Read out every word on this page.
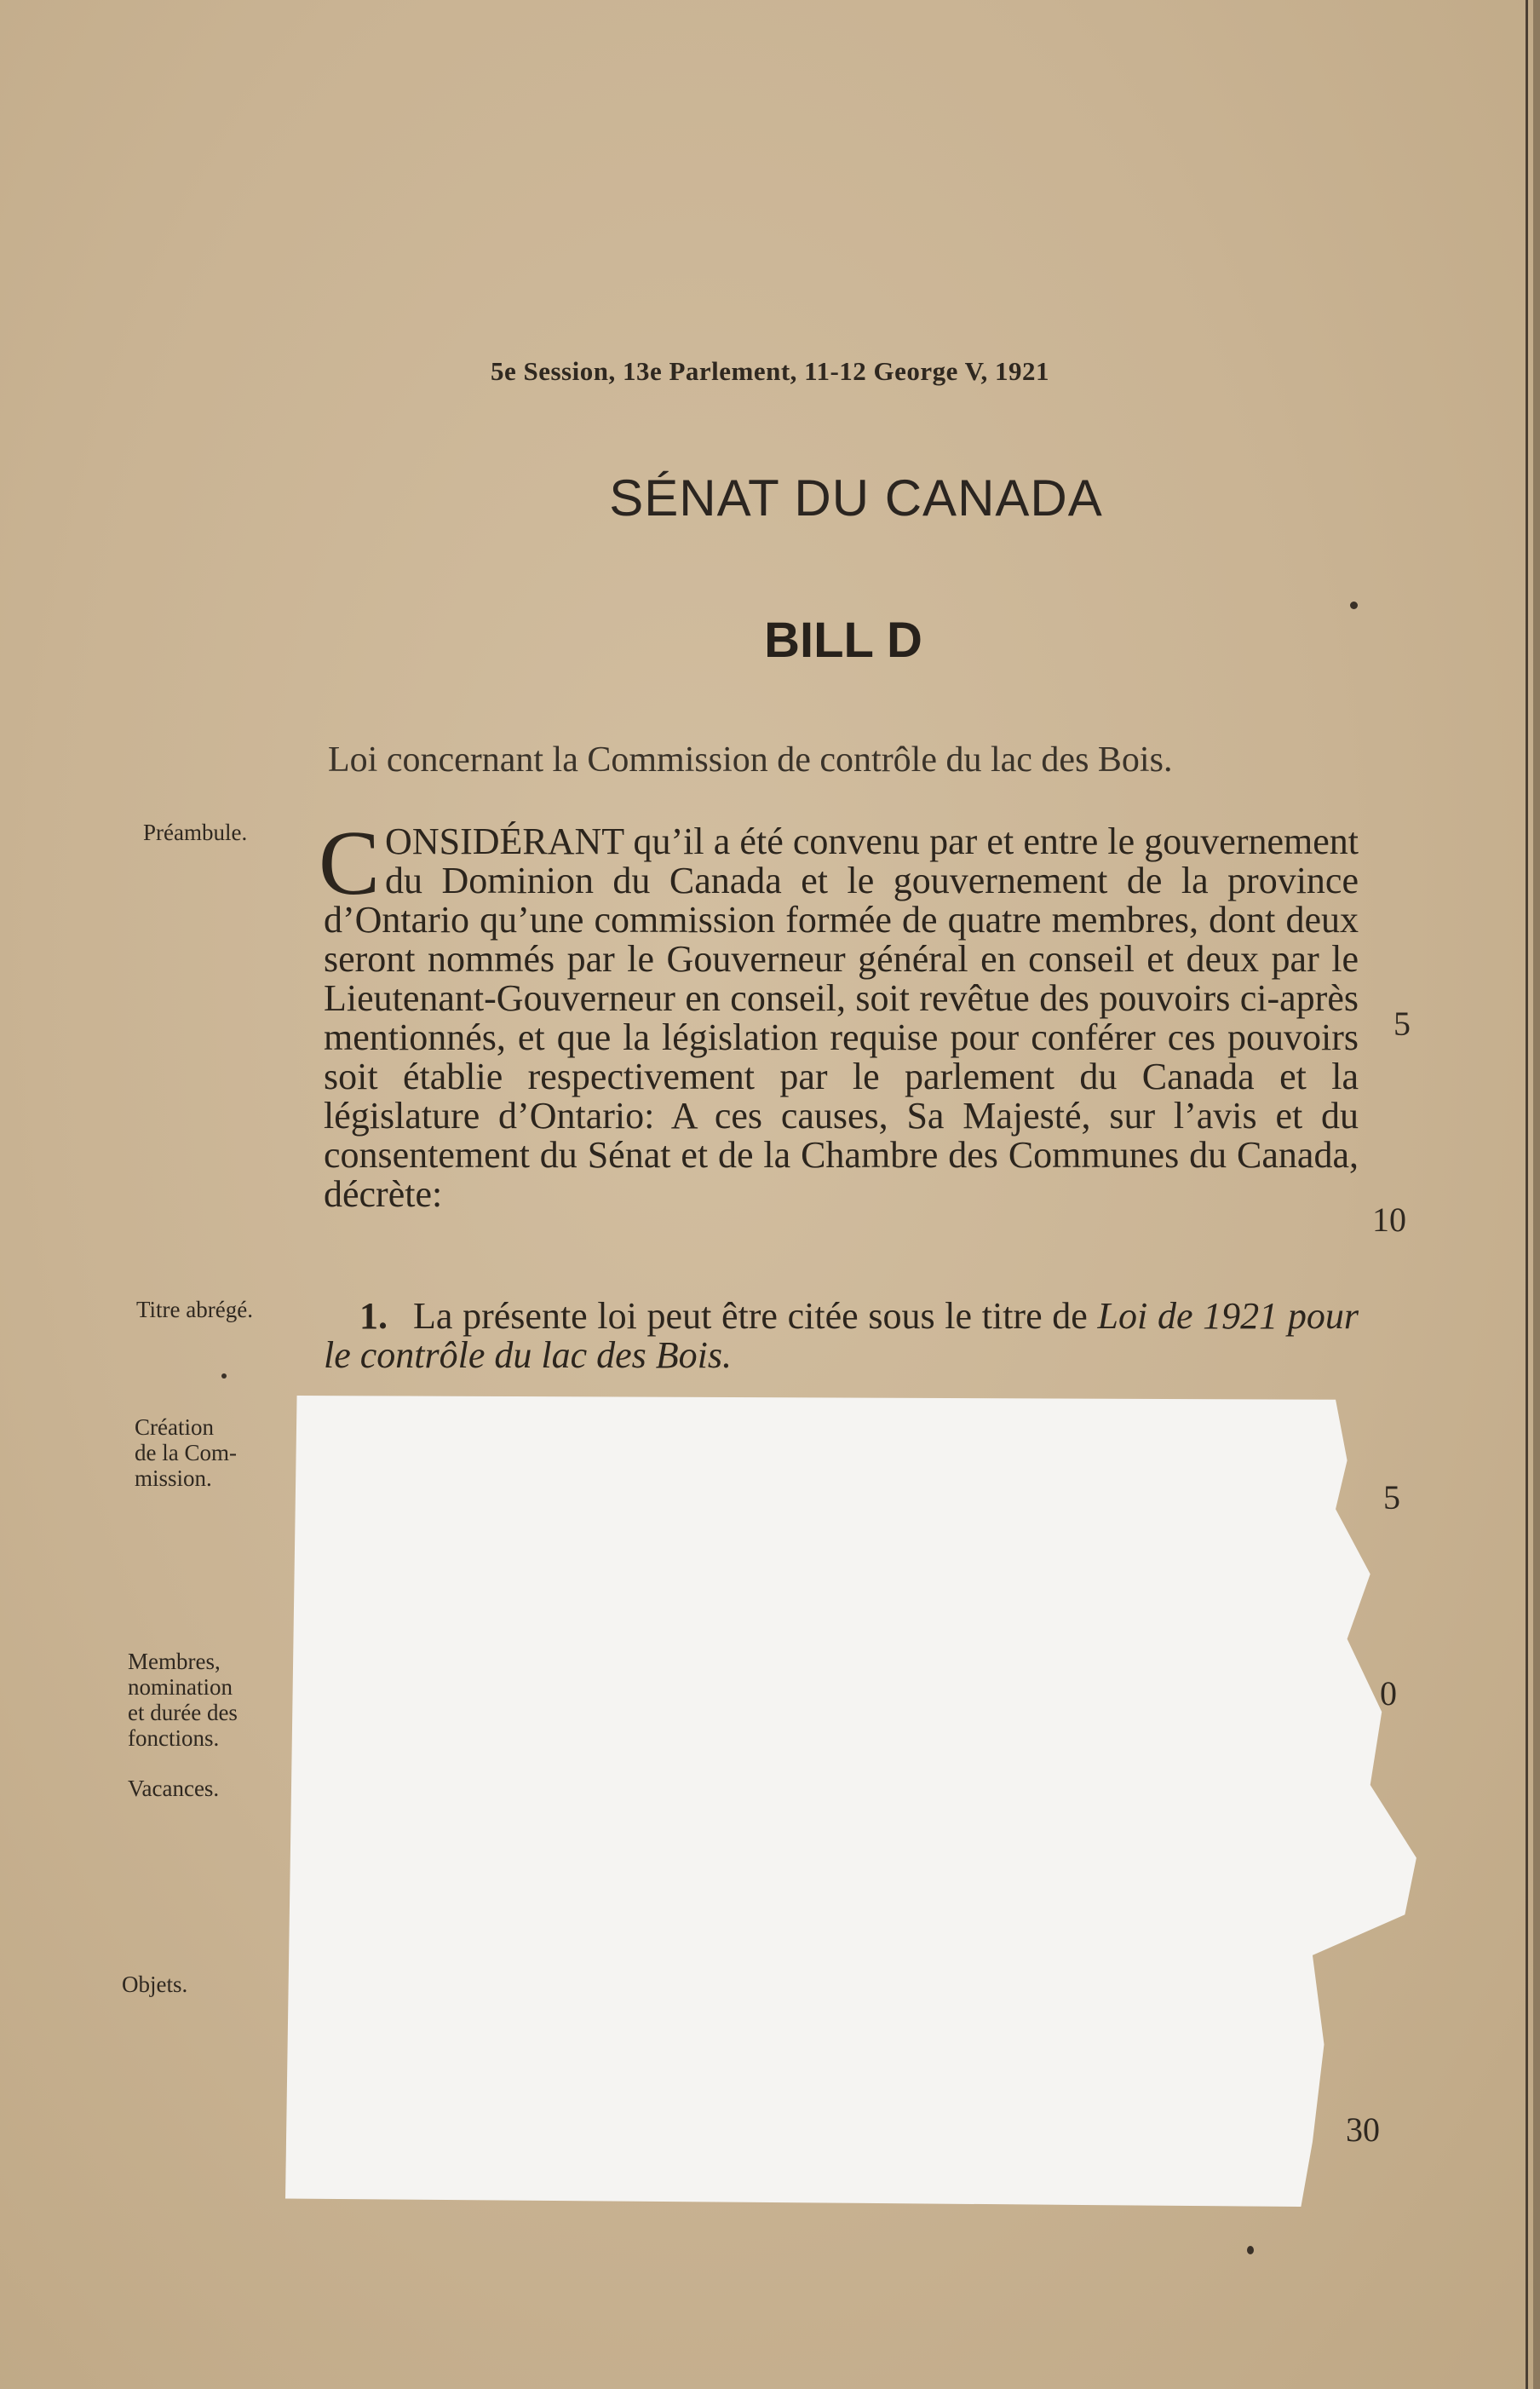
5e Session, 13e Parlement, 11-12 George V, 1921
SÉNAT DU CANADA
BILL D
Loi concernant la Commission de contrôle du lac des Bois.
Préambule.
Titre abrégé.
Création
de la Com-
mission.
Membres,
nomination
et durée des
fonctions.
Vacances.
Objets.
CONSIDÉRANT qu’il a été convenu par et entre le gouvernement du Dominion du Canada et le gouvernement de la province d’Ontario qu’une commission formée de quatre membres, dont deux seront nommés par le Gouverneur général en conseil et deux par le Lieutenant-Gouverneur en conseil, soit revêtue des pouvoirs ci-après mentionnés, et que la législation requise pour conférer ces pouvoirs soit établie respectivement par le parlement du Canada et la législature d’Ontario: A ces causes, Sa Majesté, sur l’avis et du consentement du Sénat et de la Chambre des Communes du Canada, décrète:
1. La présente loi peut être citée sous le titre de Loi de 1921 pour le contrôle du lac des Bois.
5
10
5
0
30
